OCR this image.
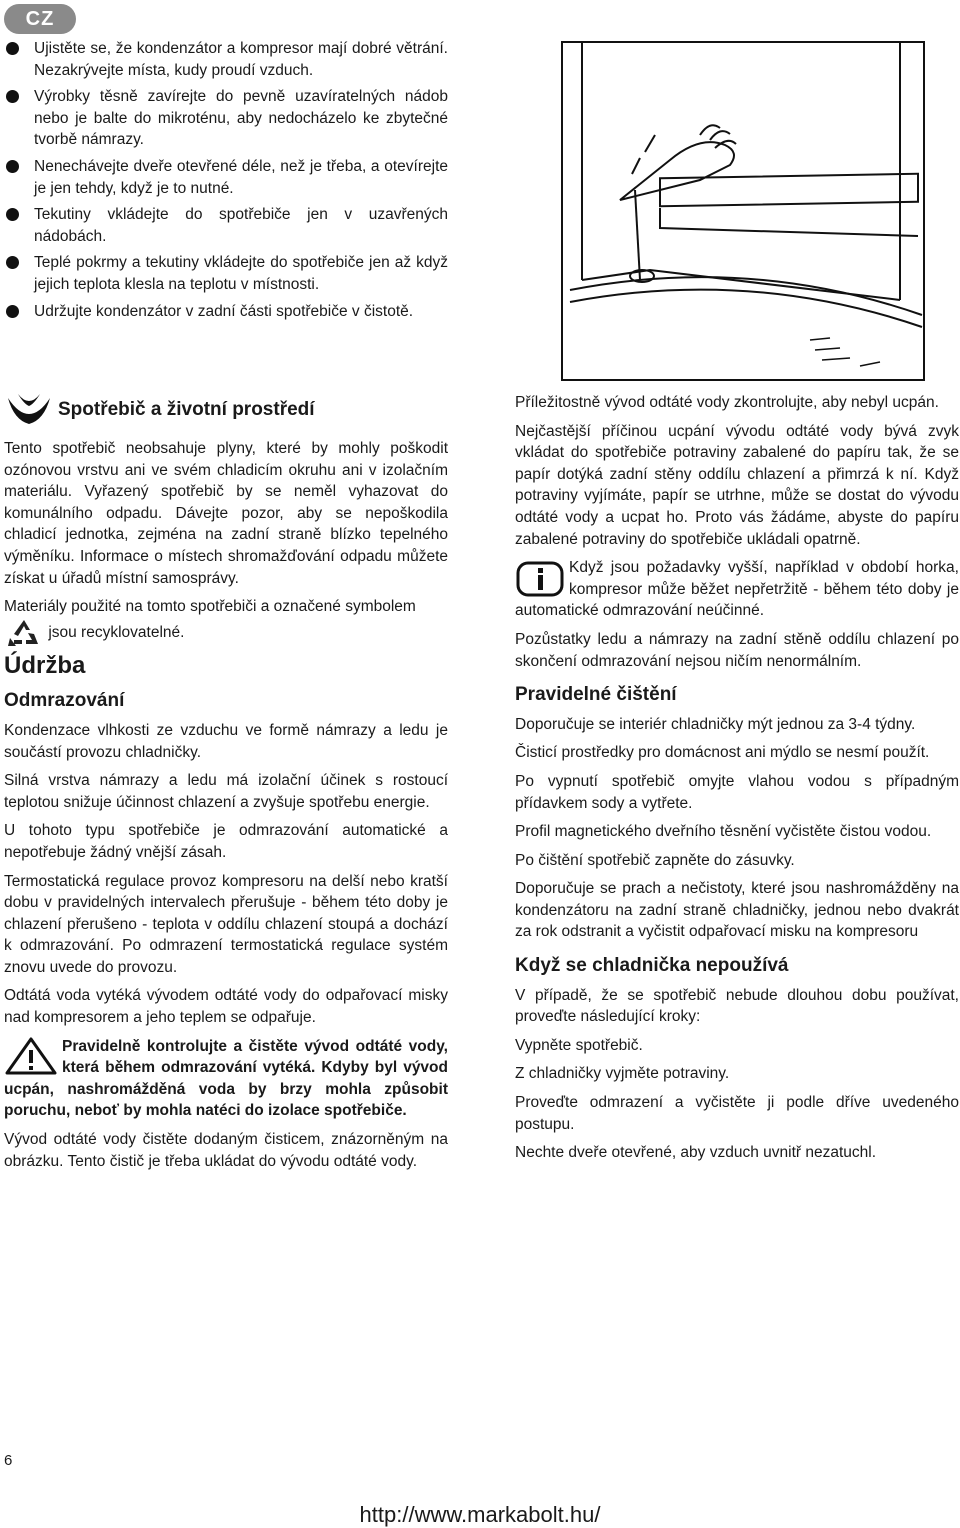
CZ
Ujistěte se, že kondenzátor a kompresor mají dobré větrání. Nezakrývejte místa, kudy proudí vzduch.
Výrobky těsně zavírejte do pevně uzavíratelných nádob nebo je balte do mikroténu, aby nedocházelo ke zbytečné tvorbě námrazy.
Nenechávejte dveře otevřené déle, než je třeba, a otevírejte je jen tehdy, když je to nutné.
Tekutiny vkládejte do spotřebiče jen v uzavřených nádobách.
Teplé pokrmy a tekutiny vkládejte do spotřebiče jen až když jejich teplota klesla na teplotu v místnosti.
Udržujte kondenzátor v zadní části spotřebiče v čistotě.
Spotřebič a životní prostředí

Tento spotřebič neobsahuje plyny, které by mohly poškodit ozónovou vrstvu ani ve svém chladicím okruhu ani v izolačním materiálu. Vyřazený spotřebič by se neměl vyhazovat do komunálního odpadu. Dávejte pozor, aby se nepoškodila chladicí jednotka, zejména na zadní straně blízko tepelného výměníku. Informace o místech shromažďování odpadu můžete získat u úřadů místní samosprávy.

Materiály použité na tomto spotřebiči a označené symbolem  jsou recyklovatelné.

Údržba
Odmrazování

Kondenzace vlhkosti ze vzduchu ve formě námrazy a ledu je součástí provozu chladničky.

Silná vrstva námrazy a ledu má izolační účinek s rostoucí teplotou snižuje účinnost chlazení a zvyšuje spotřebu energie.

U tohoto typu spotřebiče je odmrazování automatické a nepotřebuje žádný vnější zásah.

Termostatická regulace provoz kompresoru na delší nebo kratší dobu v pravidelných intervalech přerušuje - během této doby je chlazení přerušeno - teplota v oddílu chlazení stoupá a dochází k odmrazování. Po odmrazení termostatická regulace systém znovu uvede do provozu.

Odtátá voda vytéká vývodem odtáté vody do odpařovací misky nad kompresorem a jeho teplem se odpařuje.

Pravidelně kontrolujte a čistěte vývod odtáté vody, která během odmrazování vytéká. Kdyby byl vývod ucpán, nashromážděná voda by brzy mohla způsobit poruchu, neboť by mohla natéci do izolace spotřebiče.

Vývod odtáté vody čistěte dodaným čisticem, znázorněným na obrázku. Tento čistič je třeba ukládat do vývodu odtáté vody.

Příležitostně vývod odtáté vody zkontrolujte, aby nebyl ucpán.

Nejčastější příčinou ucpání vývodu odtáté vody bývá zvyk vkládat do spotřebiče potraviny zabalené do papíru tak, že se papír dotýká zadní stěny oddílu chlazení a přimrzá k ní. Když potraviny vyjímáte, papír se utrhne, může se dostat do vývodu odtáté vody a ucpat ho. Proto vás žádáme, abyste do papíru zabalené potraviny do spotřebiče ukládali opatrně.

Když jsou požadavky vyšší, například v období horka, kompresor může běžet nepřetržitě - během této doby je automatické odmrazování neúčinné.

Pozůstatky ledu a námrazy na zadní stěně oddílu chlazení po skončení odmrazování nejsou ničím nenormálním.

Pravidelné čištění

Doporučuje se interiér chladničky mýt jednou za 3-4 týdny.

Čisticí prostředky pro domácnost ani mýdlo se nesmí použít.

Po vypnutí spotřebič omyjte vlahou vodou s případným přídavkem sody a vytřete.

Profil magnetického dveřního těsnění vyčistěte čistou vodou.

Po čištění spotřebič zapněte do zásuvky.

Doporučuje se prach a nečistoty, které jsou nashromážděny na kondenzátoru na zadní straně chladničky, jednou nebo dvakrát za rok odstranit a vyčistit odpařovací misku na kompresoru

Když se chladnička nepoužívá

V případě, že se spotřebič nebude dlouhou dobu používat, proveďte následující kroky:

Vypněte spotřebič.

Z chladničky vyjměte potraviny.

Proveďte odmrazení a vyčistěte ji podle dříve uvedeného postupu.

Nechte dveře otevřené, aby vzduch uvnitř nezatuchl.

6
http://www.markabolt.hu/
